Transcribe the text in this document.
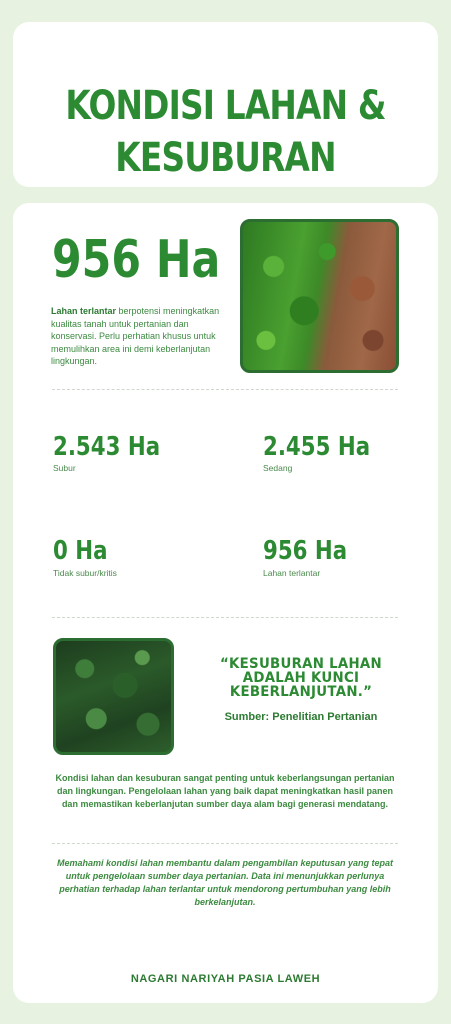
KONDISI LAHAN &
KESUBURAN
956 Ha

Lahan terlantar berpotensi meningkatkan kualitas tanah untuk pertanian dan konservasi. Perlu perhatian khusus untuk memulihkan area ini demi keberlanjutan lingkungan.

2.543 Ha
Subur
2.455 Ha
Sedang
0 Ha
Tidak subur/kritis
956 Ha
Lahan terlantar

“KESUBURAN LAHAN ADALAH KUNCI KEBERLANJUTAN.”

Sumber: Penelitian Pertanian

Kondisi lahan dan kesuburan sangat penting untuk keberlangsungan pertanian dan lingkungan. Pengelolaan lahan yang baik dapat meningkatkan hasil panen dan memastikan keberlanjutan sumber daya alam bagi generasi mendatang.

Memahami kondisi lahan membantu dalam pengambilan keputusan yang tepat untuk pengelolaan sumber daya pertanian. Data ini menunjukkan perlunya perhatian terhadap lahan terlantar untuk mendorong pertumbuhan yang lebih berkelanjutan.

NAGARI NARIYAH PASIA LAWEH
